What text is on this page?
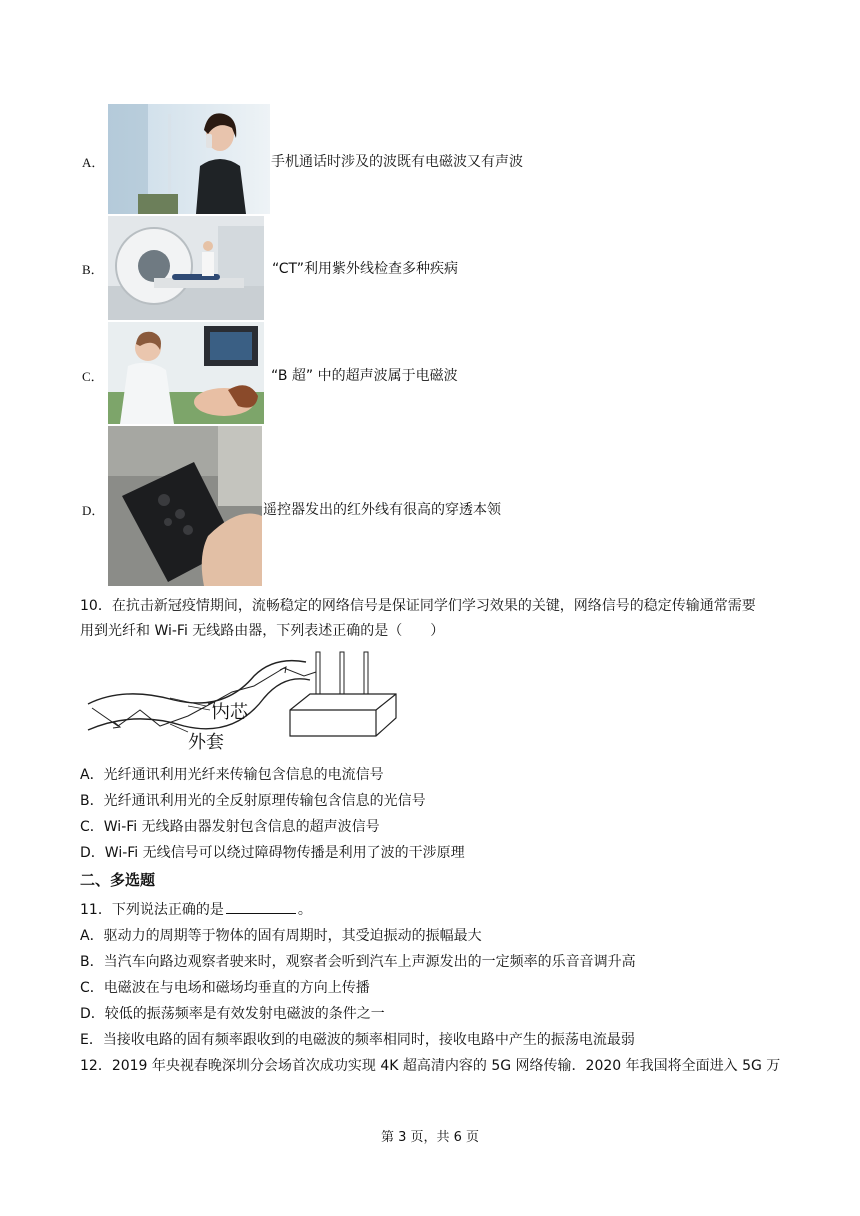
A．	手机通话时涉及的波既有电磁波又有声波
B．	“CT”利用紫外线检查多种疾病
C．	“B 超” 中的超声波属于电磁波
D．	遥控器发出的红外线有很高的穿透本领
10．在抗击新冠疫情期间，流畅稳定的网络信号是保证同学们学习效果的关键，网络信号的稳定传输通常需要
用到光纤和 Wi-Fi 无线路由器，下列表述正确的是（　　）
内芯
外套
A．光纤通讯利用光纤来传输包含信息的电流信号
B．光纤通讯利用光的全反射原理传输包含信息的光信号
C．Wi-Fi 无线路由器发射包含信息的超声波信号
D．Wi-Fi 无线信号可以绕过障碍物传播是利用了波的干涉原理
二、多选题
11．下列说法正确的是	。
A．驱动力的周期等于物体的固有周期时，其受迫振动的振幅最大
B．当汽车向路边观察者驶来时，观察者会听到汽车上声源发出的一定频率的乐音音调升高
C．电磁波在与电场和磁场均垂直的方向上传播
D．较低的振荡频率是有效发射电磁波的条件之一
E．当接收电路的固有频率跟收到的电磁波的频率相同时，接收电路中产生的振荡电流最弱
12．2019 年央视春晚深圳分会场首次成功实现 4K 超高清内容的 5G 网络传输．2020 年我国将全面进入 5G 万
第 3 页，共 6 页
